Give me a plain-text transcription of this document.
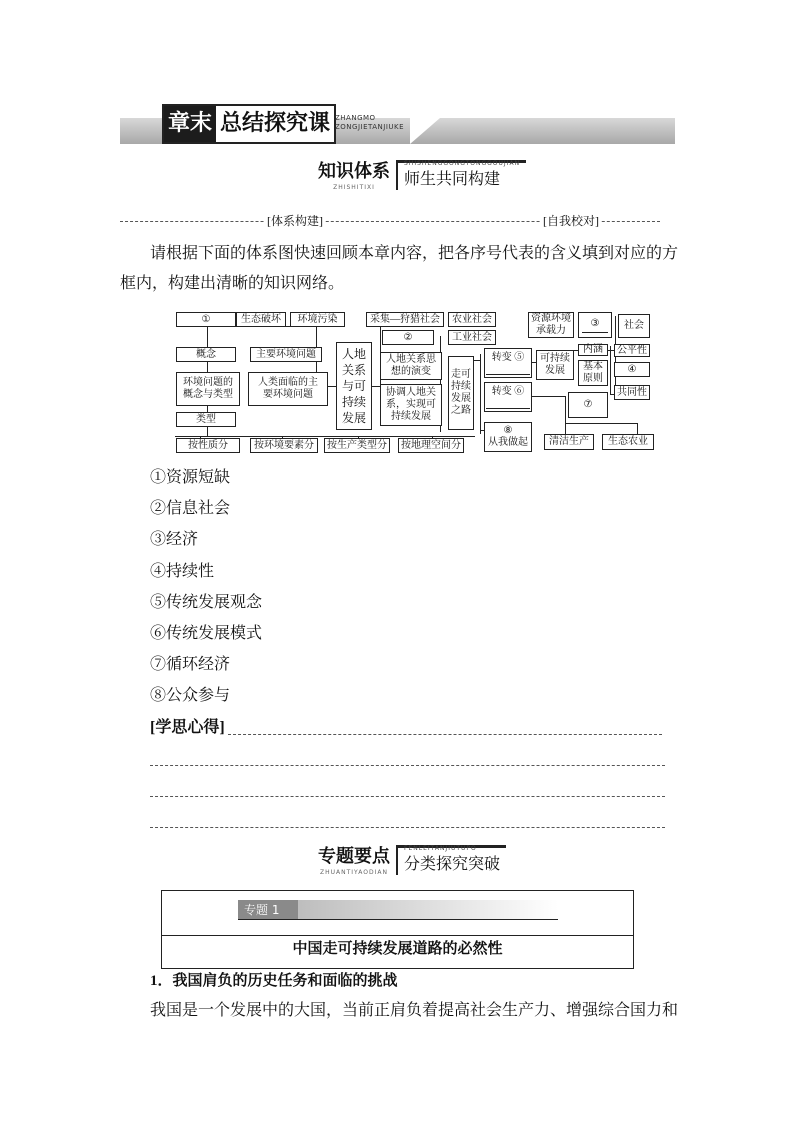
章末 总结探究课 ZHANGMO
ZONGJIETANJIUKE
知识体系
ZHISHITIXI
SHISHENGGONGTONGGOUJIAN
师生共同构建
[体系构建]	[自我校对]
请根据下面的体系图快速回顾本章内容，把各序号代表的含义填到对应的方
框内，构建出清晰的知识网络。
①	生态破坏	环境污染
概念	主要环境问题
环境问题的
概念与类型
人类面临的主
要环境问题
类型
人地
关系
与可
持续
发展
采集—狩猎社会	农业社会
②	工业社会
人地关系思
想的演变
协调人地关
系，实现可
持续发展
走可
持续
发展
之路
转变 ⑤
转变 ⑥
⑧
从我做起
资源环境
承载力
③	社会
可持续
发展
内涵
基本
原则
公平性
④
共同性
⑦
清洁生产	生态农业
按性质分	按环境要素分	按生产类型分	按地理空间分
①资源短缺
②信息社会
③经济
④持续性
⑤传统发展观念
⑥传统发展模式
⑦循环经济
⑧公众参与
[学思心得]
专题要点
ZHUANTIYAODIAN
FENLEITANJIUTUPO
分类探究突破
专题 1
中国走可持续发展道路的必然性
1．我国肩负的历史任务和面临的挑战
我国是一个发展中的大国，当前正肩负着提高社会生产力、增强综合国力和
